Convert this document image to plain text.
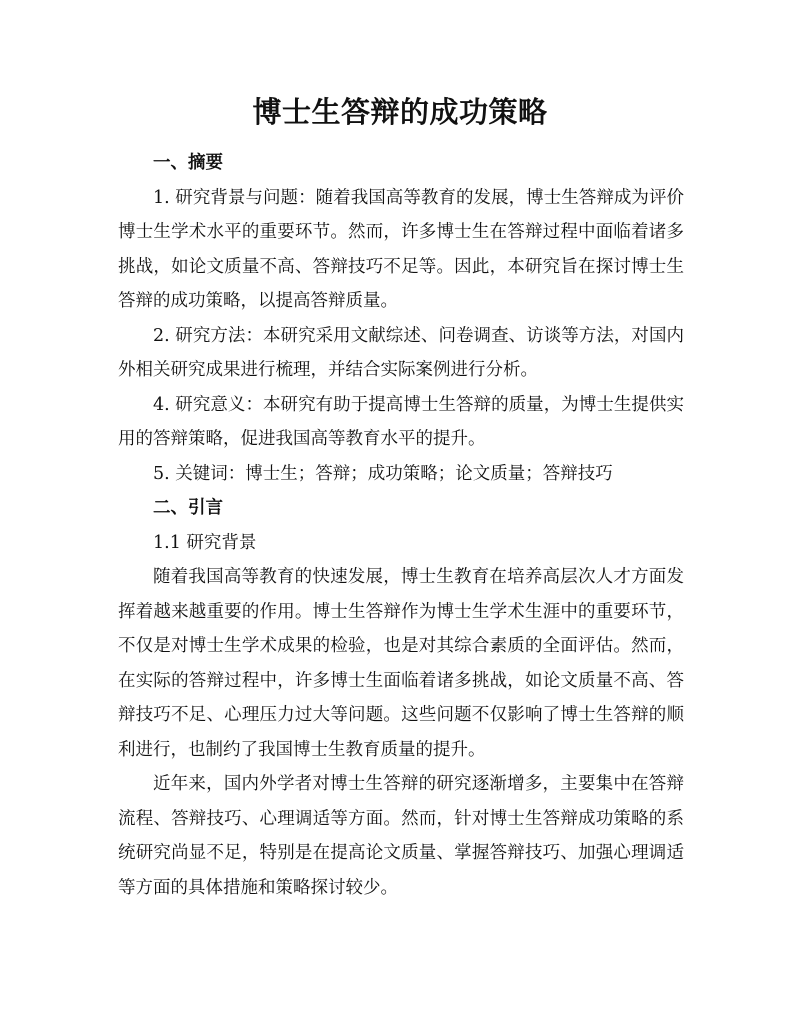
博士生答辩的成功策略

一、摘要

1. 研究背景与问题：随着我国高等教育的发展，博士生答辩成为评价博士生学术水平的重要环节。然而，许多博士生在答辩过程中面临着诸多挑战，如论文质量不高、答辩技巧不足等。因此，本研究旨在探讨博士生答辩的成功策略，以提高答辩质量。

2. 研究方法：本研究采用文献综述、问卷调查、访谈等方法，对国内外相关研究成果进行梳理，并结合实际案例进行分析。

4. 研究意义：本研究有助于提高博士生答辩的质量，为博士生提供实用的答辩策略，促进我国高等教育水平的提升。

5. 关键词：博士生；答辩；成功策略；论文质量；答辩技巧

二、引言

1.1 研究背景

随着我国高等教育的快速发展，博士生教育在培养高层次人才方面发挥着越来越重要的作用。博士生答辩作为博士生学术生涯中的重要环节，不仅是对博士生学术成果的检验，也是对其综合素质的全面评估。然而，在实际的答辩过程中，许多博士生面临着诸多挑战，如论文质量不高、答辩技巧不足、心理压力过大等问题。这些问题不仅影响了博士生答辩的顺利进行，也制约了我国博士生教育质量的提升。

近年来，国内外学者对博士生答辩的研究逐渐增多，主要集中在答辩流程、答辩技巧、心理调适等方面。然而，针对博士生答辩成功策略的系统研究尚显不足，特别是在提高论文质量、掌握答辩技巧、加强心理调适等方面的具体措施和策略探讨较少。
